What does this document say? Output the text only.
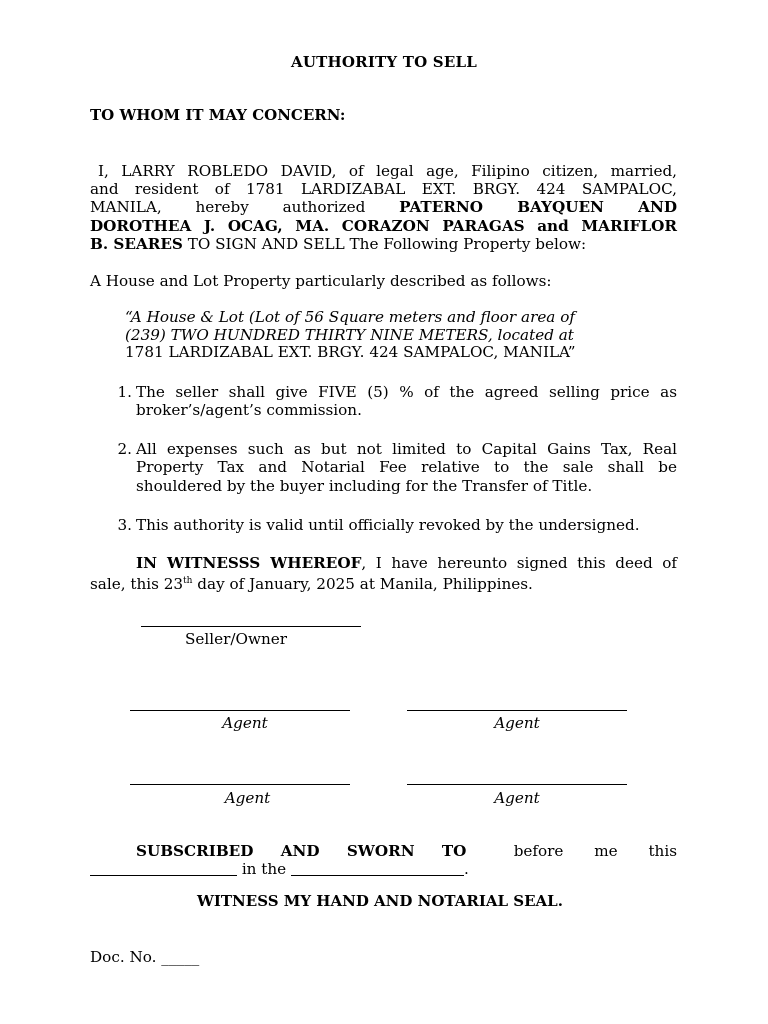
AUTHORITY TO SELL
TO WHOM IT MAY CONCERN:
I, LARRY ROBLEDO DAVID, of legal age, Filipino citizen, married,
and resident of 1781 LARDIZABAL EXT. BRGY. 424 SAMPALOC,
MANILA, hereby authorized PATERNO BAYQUEN AND
DOROTHEA J. OCAG, MA. CORAZON PARAGAS and MARIFLOR
B. SEARES TO SIGN AND SELL The Following Property below:
A House and Lot Property particularly described as follows:
“A House & Lot (Lot of 56 Square meters and floor area of
(239) TWO HUNDRED THIRTY NINE METERS, located at
1781 LARDIZABAL EXT. BRGY. 424 SAMPALOC, MANILA”
1. The seller shall give FIVE (5) % of the agreed selling price as
broker’s/agent’s commission.
2. All expenses such as but not limited to Capital Gains Tax, Real
Property Tax and Notarial Fee relative to the sale shall be
shouldered by the buyer including for the Transfer of Title.
3. This authority is valid until officially revoked by the undersigned.
IN WITNESSS WHEREOF, I have hereunto signed this deed of
sale, this 23th day of January, 2025 at Manila, Philippines.
Seller/Owner
Agent	Agent
Agent	Agent
SUBSCRIBED AND SWORN TO	before me this
in the	.
WITNESS MY HAND AND NOTARIAL SEAL.
Doc. No. _____
